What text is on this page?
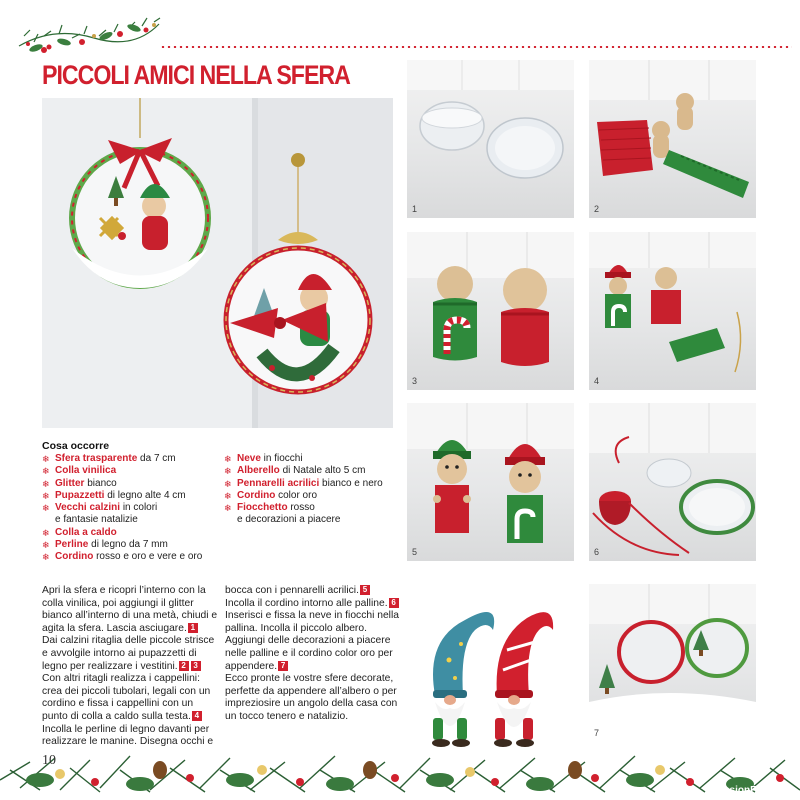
PICCOLI AMICI NELLA SFERA
Cosa occorre
❄ Sfera trasparente da 7 cm
❄ Colla vinilica
❄ Glitter bianco
❄ Pupazzetti di legno alte 4 cm
❄ Vecchi calzini in colori
e fantasie natalizie
❄ Colla a caldo
❄ Perline di legno da 7 mm
❄ Cordino rosso e oro e vere e oro
❄ Neve in fiocchi
❄ Alberello di Natale alto 5 cm
❄ Pennarelli acrilici bianco e nero
❄ Cordino color oro
❄ Fiocchetto rosso
e decorazioni a piacere
Apri la sfera e ricopri l’interno con la colla vinilica, poi aggiungi il glitter bianco all’interno di una metà, chiudi e agita la sfera. Lascia asciugare. 1
Dai calzini ritaglia delle piccole strisce e avvolgile intorno ai pupazzetti di legno per realizzare i vestitini. 2 3
Con altri ritagli realizza i cappellini: crea dei piccoli tubolari, legali con un cordino e fissa i cappellini con un punto di colla a caldo sulla testa. 4
Incolla le perline di legno davanti per realizzare le manine. Disegna occhi e
bocca con i pennarelli acrilici. 5
Incolla il cordino intorno alle palline. 6
Inserisci e fissa la neve in fiocchi nella pallina. Incolla il piccolo albero. Aggiungi delle decorazioni a piacere nelle palline e il cordino color oro per appendere. 7
Ecco pronte le vostre sfere decorate, perfette da appendere all’albero o per impreziosire un angolo della casa con un tocco tenero e natalizio.
1	2
3	4
5	6
7
10
PassionForum.ru
